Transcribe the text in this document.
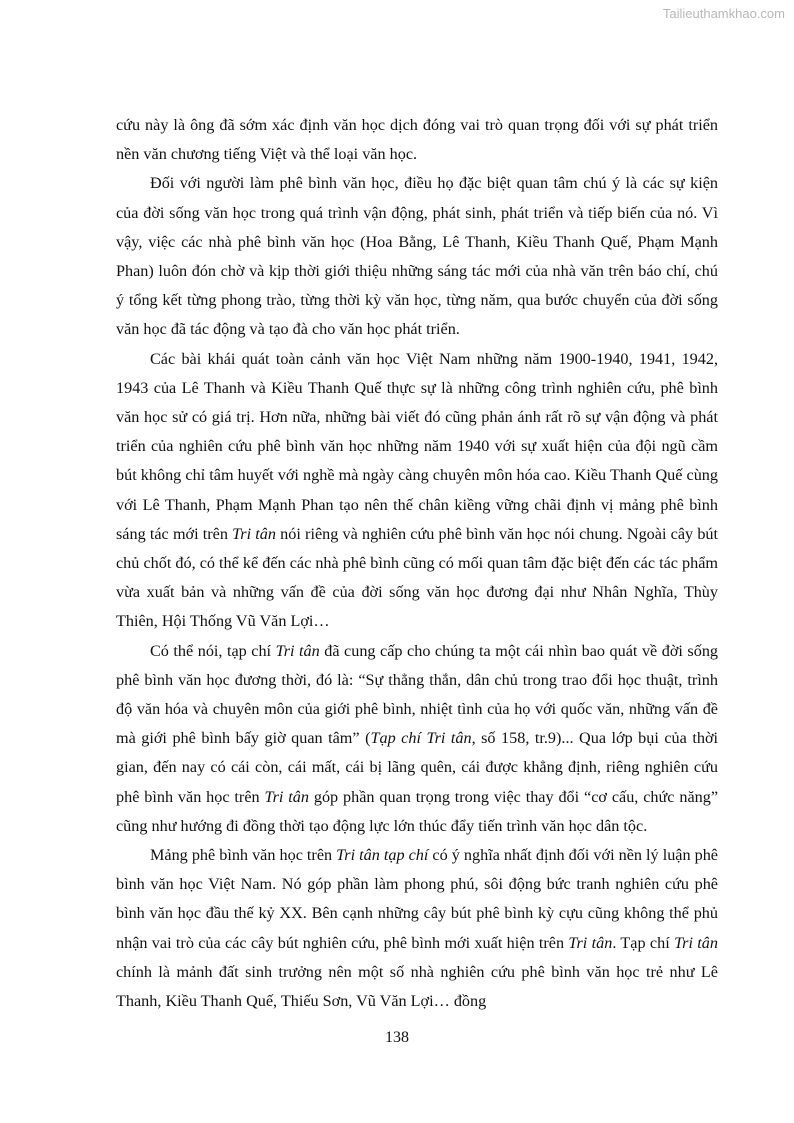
Tailieuthamkhao.com

cứu này là ông đã sớm xác định văn học dịch đóng vai trò quan trọng đối với sự phát triển nền văn chương tiếng Việt và thể loại văn học.

Đối với người làm phê bình văn học, điều họ đặc biệt quan tâm chú ý là các sự kiện của đời sống văn học trong quá trình vận động, phát sinh, phát triển và tiếp biến của nó. Vì vậy, việc các nhà phê bình văn học (Hoa Bằng, Lê Thanh, Kiều Thanh Quế, Phạm Mạnh Phan) luôn đón chờ và kịp thời giới thiệu những sáng tác mới của nhà văn trên báo chí, chú ý tổng kết từng phong trào, từng thời kỳ văn học, từng năm, qua bước chuyển của đời sống văn học đã tác động và tạo đà cho văn học phát triển.

Các bài khái quát toàn cảnh văn học Việt Nam những năm 1900-1940, 1941, 1942, 1943 của Lê Thanh và Kiều Thanh Quế thực sự là những công trình nghiên cứu, phê bình văn học sử có giá trị. Hơn nữa, những bài viết đó cũng phản ánh rất rõ sự vận động và phát triển của nghiên cứu phê bình văn học những năm 1940 với sự xuất hiện của đội ngũ cầm bút không chỉ tâm huyết với nghề mà ngày càng chuyên môn hóa cao. Kiều Thanh Quế cùng với Lê Thanh, Phạm Mạnh Phan tạo nên thế chân kiềng vững chãi định vị mảng phê bình sáng tác mới trên Tri tân nói riêng và nghiên cứu phê bình văn học nói chung. Ngoài cây bút chủ chốt đó, có thể kể đến các nhà phê bình cũng có mối quan tâm đặc biệt đến các tác phẩm vừa xuất bản và những vấn đề của đời sống văn học đương đại như Nhân Nghĩa, Thùy Thiên, Hội Thống Vũ Văn Lợi…

Có thể nói, tạp chí Tri tân đã cung cấp cho chúng ta một cái nhìn bao quát về đời sống phê bình văn học đương thời, đó là: “Sự thẳng thắn, dân chủ trong trao đổi học thuật, trình độ văn hóa và chuyên môn của giới phê bình, nhiệt tình của họ với quốc văn, những vấn đề mà giới phê bình bấy giờ quan tâm” (Tạp chí Tri tân, số 158, tr.9)... Qua lớp bụi của thời gian, đến nay có cái còn, cái mất, cái bị lãng quên, cái được khẳng định, riêng nghiên cứu phê bình văn học trên Tri tân góp phần quan trọng trong việc thay đổi “cơ cấu, chức năng” cũng như hướng đi đồng thời tạo động lực lớn thúc đẩy tiến trình văn học dân tộc.

Mảng phê bình văn học trên Tri tân tạp chí có ý nghĩa nhất định đối với nền lý luận phê bình văn học Việt Nam. Nó góp phần làm phong phú, sôi động bức tranh nghiên cứu phê bình văn học đầu thế kỷ XX. Bên cạnh những cây bút phê bình kỳ cựu cũng không thể phủ nhận vai trò của các cây bút nghiên cứu, phê bình mới xuất hiện trên Tri tân. Tạp chí Tri tân chính là mảnh đất sinh trưởng nên một số nhà nghiên cứu phê bình văn học trẻ như Lê Thanh, Kiều Thanh Quế, Thiếu Sơn, Vũ Văn Lợi… đồng

138
